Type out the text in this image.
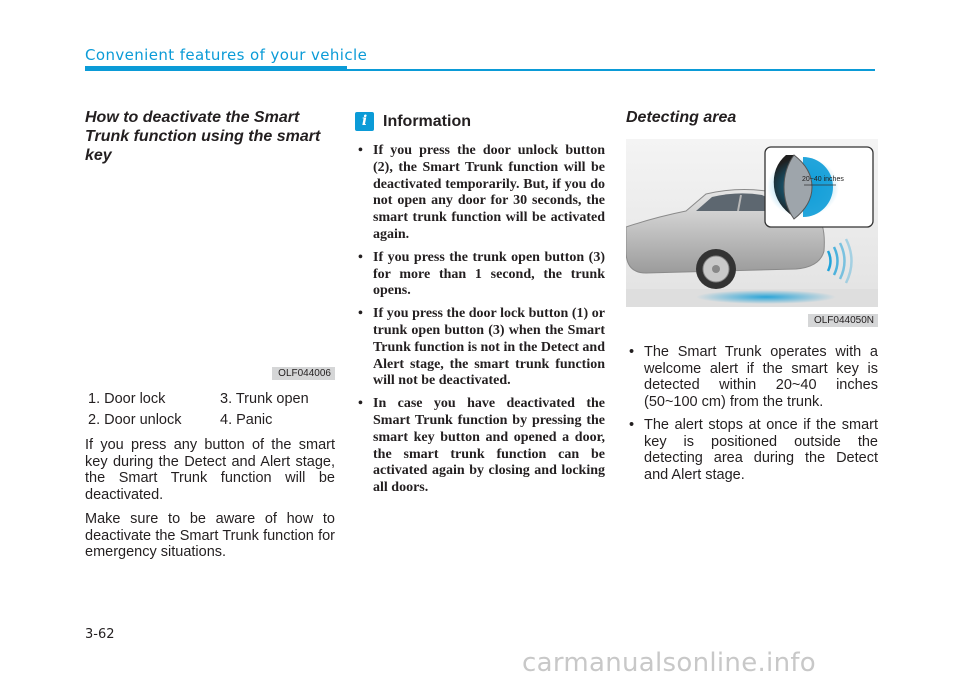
Convenient features of your vehicle
How to deactivate the Smart Trunk function using the smart key
OLF044006
1. Door lock	3. Trunk open
2. Door unlock	4. Panic

If you press any button of the smart key during the Detect and Alert stage, the Smart Trunk function will be deactivated.

Make sure to be aware of how to deactivate the Smart Trunk function for emergency situations.

i Information
• If you press the door unlock button (2), the Smart Trunk function will be deactivated temporarily. But, if you do not open any door for 30 seconds, the smart trunk function will be activated again.
• If you press the trunk open button (3) for more than 1 second, the trunk opens.
• If you press the door lock button (1) or trunk open button (3) when the Smart Trunk function is not in the Detect and Alert stage, the smart trunk function will not be deactivated.
• In case you have deactivated the Smart Trunk function by pressing the smart key button and opened a door, the smart trunk function can be activated again by closing and locking all doors.
Detecting area
20~40 inches
OLF044050N
• The Smart Trunk operates with a welcome alert if the smart key is detected within 20~40 inches (50~100 cm) from the trunk.
• The alert stops at once if the smart key is positioned outside the detecting area during the Detect and Alert stage.
3-62
carmanualsonline.info
